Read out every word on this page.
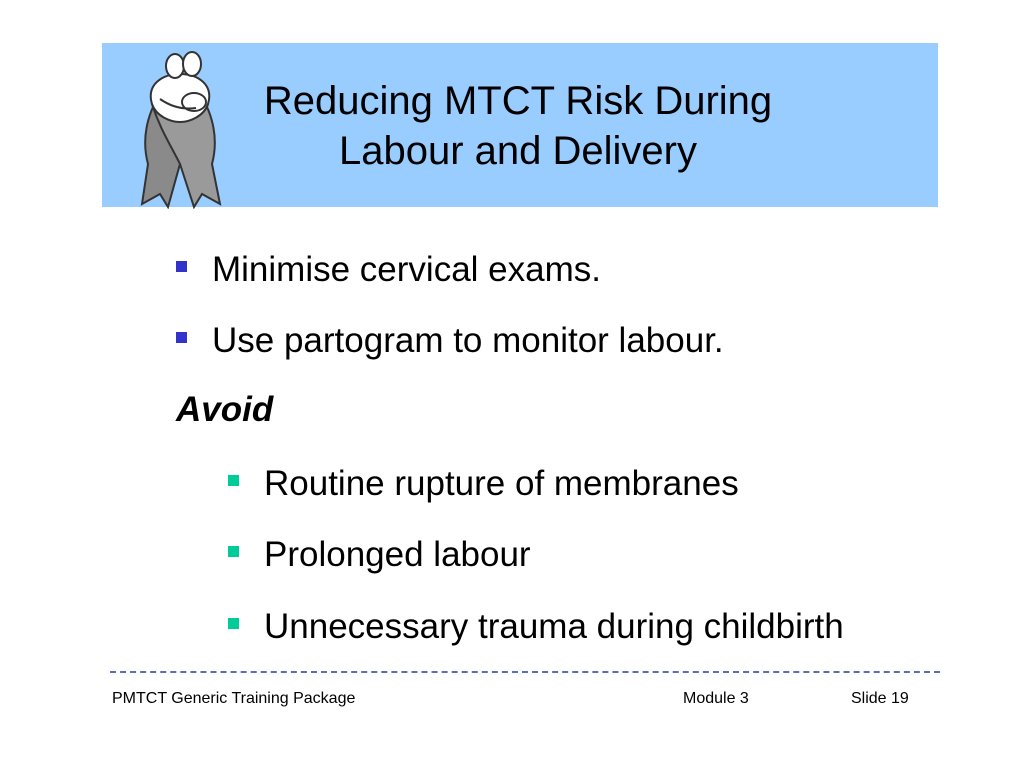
Reducing MTCT Risk During
Labour and Delivery
Minimise cervical exams.
Use partogram to monitor labour.
Avoid
Routine rupture of membranes
Prolonged labour
Unnecessary trauma during childbirth
PMTCT Generic Training Package	Module 3	Slide 19
